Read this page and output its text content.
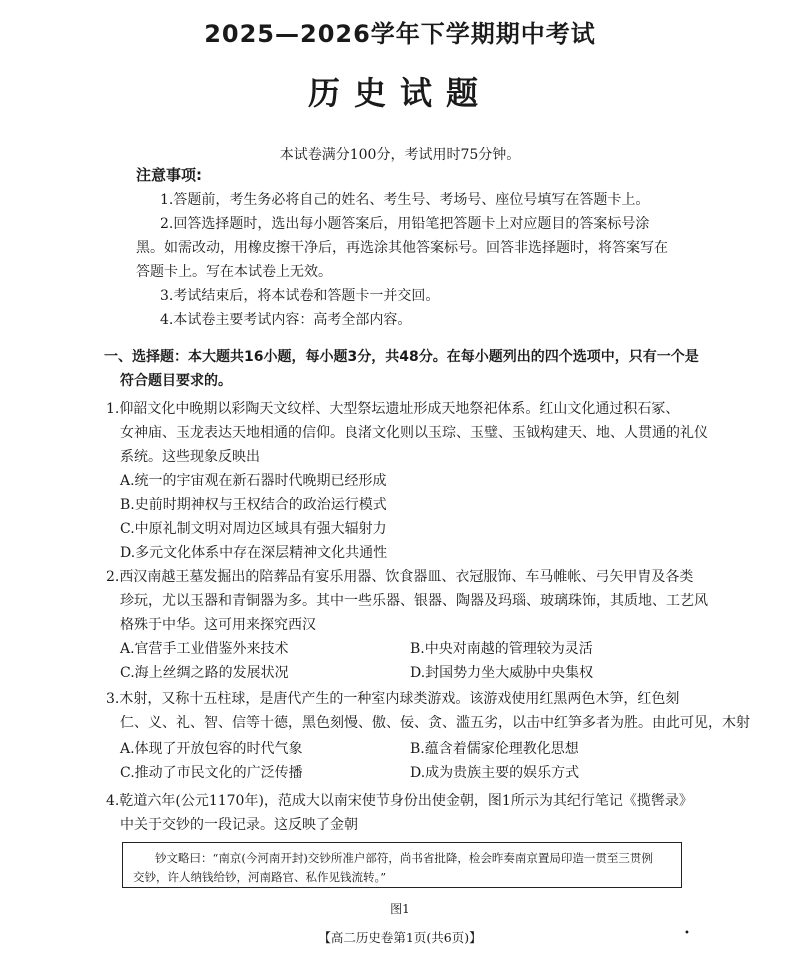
2025—2026学年下学期期中考试
历史试题
本试卷满分100分，考试用时75分钟。
注意事项:
1.答题前，考生务必将自己的姓名、考生号、考场号、座位号填写在答题卡上。
2.回答选择题时，选出每小题答案后，用铅笔把答题卡上对应题目的答案标号涂
黑。如需改动，用橡皮擦干净后，再选涂其他答案标号。回答非选择题时，将答案写在
答题卡上。写在本试卷上无效。
3.考试结束后，将本试卷和答题卡一并交回。
4.本试卷主要考试内容：高考全部内容。
一、选择题：本大题共16小题，每小题3分，共48分。在每小题列出的四个选项中，只有一个是
符合题目要求的。
1.仰韶文化中晚期以彩陶天文纹样、大型祭坛遗址形成天地祭祀体系。红山文化通过积石冢、
女神庙、玉龙表达天地相通的信仰。良渚文化则以玉琮、玉璧、玉钺构建天、地、人贯通的礼仪
系统。这些现象反映出
A.统一的宇宙观在新石器时代晚期已经形成
B.史前时期神权与王权结合的政治运行模式
C.中原礼制文明对周边区域具有强大辐射力
D.多元文化体系中存在深层精神文化共通性
2.西汉南越王墓发掘出的陪葬品有宴乐用器、饮食器皿、衣冠服饰、车马帷帐、弓矢甲胄及各类
珍玩，尤以玉器和青铜器为多。其中一些乐器、银器、陶器及玛瑙、玻璃珠饰，其质地、工艺风
格殊于中华。这可用来探究西汉
A.官营手工业借鉴外来技术	B.中央对南越的管理较为灵活
C.海上丝绸之路的发展状况	D.封国势力坐大威胁中央集权
3.木射，又称十五柱球，是唐代产生的一种室内球类游戏。该游戏使用红黑两色木笋，红色刻
仁、义、礼、智、信等十德，黑色刻慢、傲、佞、贪、滥五劣，以击中红笋多者为胜。由此可见，木射
A.体现了开放包容的时代气象	B.蕴含着儒家伦理教化思想
C.推动了市民文化的广泛传播	D.成为贵族主要的娱乐方式
4.乾道六年(公元1170年)，范成大以南宋使节身份出使金朝，图1所示为其纪行笔记《揽辔录》
中关于交钞的一段记录。这反映了金朝
钞文略曰：“南京(今河南开封)交钞所准户部符，尚书省批降，检会昨奏南京置局印造一贯至三贯例
交钞，许人纳钱给钞，河南路官、私作见钱流转。”
图1
【高二历史卷第1页(共6页)】	•
